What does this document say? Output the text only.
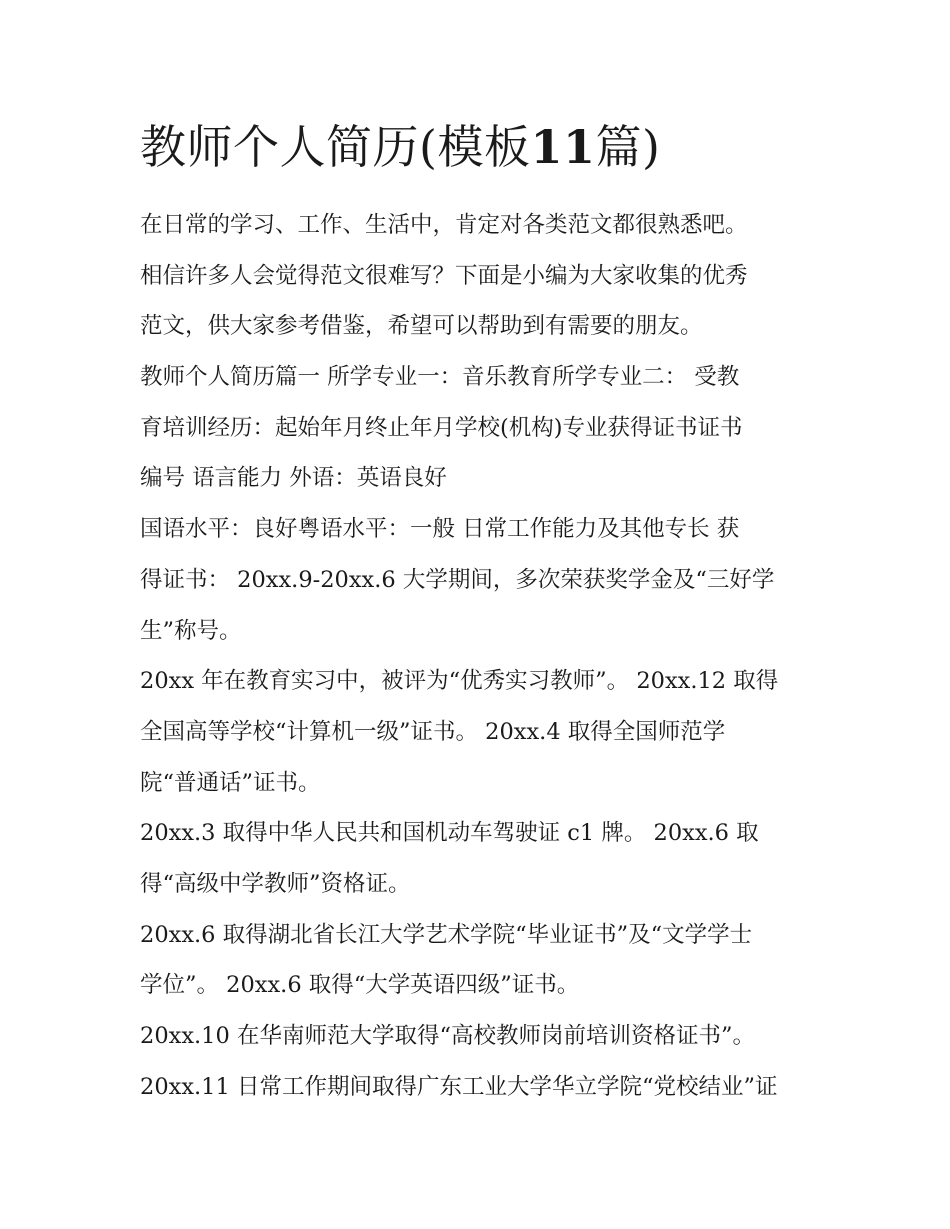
教师个人简历(模板11篇)
在日常的学习、工作、生活中，肯定对各类范文都很熟悉吧。
相信许多人会觉得范文很难写？下面是小编为大家收集的优秀
范文，供大家参考借鉴，希望可以帮助到有需要的朋友。
教师个人简历篇一 所学专业一：音乐教育所学专业二： 受教
育培训经历：起始年月终止年月学校(机构)专业获得证书证书
编号 语言能力 外语：英语良好
国语水平：良好粤语水平：一般 日常工作能力及其他专长 获
得证书： 20xx.9-20xx.6 大学期间，多次荣获奖学金及“三好学
生”称号。
20xx 年在教育实习中，被评为“优秀实习教师”。 20xx.12 取得
全国高等学校“计算机一级”证书。 20xx.4 取得全国师范学
院“普通话”证书。
20xx.3 取得中华人民共和国机动车驾驶证 c1 牌。 20xx.6 取
得“高级中学教师”资格证。
20xx.6 取得湖北省长江大学艺术学院“毕业证书”及“文学学士
学位”。 20xx.6 取得“大学英语四级”证书。
20xx.10 在华南师范大学取得“高校教师岗前培训资格证书”。
20xx.11 日常工作期间取得广东工业大学华立学院“党校结业”证
